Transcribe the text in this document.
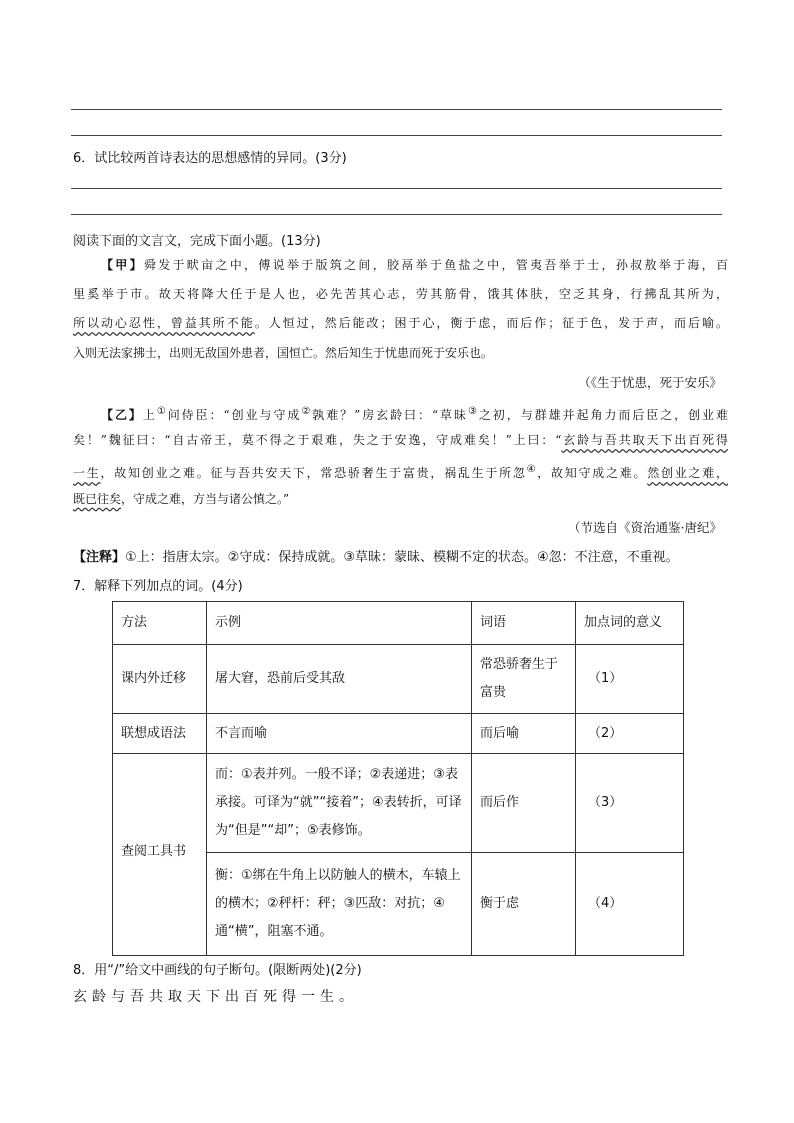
6．试比较两首诗表达的思想感情的异同。(3分)
阅读下面的文言文，完成下面小题。(13分)
【甲】舜发于畎亩之中，傅说举于版筑之间，胶鬲举于鱼盐之中，管夷吾举于士，孙叔敖举于海，百
里奚举于市。故天将降大任于是人也，必先苦其心志，劳其筋骨，饿其体肤，空乏其身，行拂乱其所为，
所以动心忍性，曾益其所不能。人恒过，然后能改；困于心，衡于虑，而后作；征于色，发于声，而后喻。
入则无法家拂士，出则无敌国外患者，国恒亡。然后知生于忧患而死于安乐也。
（《生于忧患，死于安乐》
【乙】上①问侍臣：“创业与守成②孰难？”房玄龄曰：“草昧③之初，与群雄并起角力而后臣之，创业难
矣！”魏征曰：“自古帝王，莫不得之于艰难，失之于安逸，守成难矣！”上曰：“玄龄与吾共取天下出百死得
一生，故知创业之难。征与吾共安天下，常恐骄奢生于富贵，祸乱生于所忽④，故知守成之难。然创业之难，
既已往矣，守成之难，方当与诸公慎之。”
（节选自《资治通鉴·唐纪》
【注释】①上：指唐太宗。②守成：保持成就。③草昧：蒙昧、模糊不定的状态。④忽：不注意，不重视。
7．解释下列加点的词。(4分)
方法	示例	词语	加点词的意义
课内外迁移	屠大窘，恐前后受其敌	常恐骄奢生于富贵	（1）
联想成语法	不言而喻	而后喻	（2）
查阅工具书	而：①表并列。一般不译；②表递进；③表承接。可译为“就”“接着”；④表转折，可译为“但是”“却”；⑤表修饰。	而后作	（3）
	衡：①绑在牛角上以防触人的横木，车辕上的横木；②秤杆：秤；③匹敌：对抗；④通“横”，阻塞不通。	衡于虑	（4）
8．用“/”给文中画线的句子断句。(限断两处)(2分)
玄龄与吾共取天下出百死得一生。
